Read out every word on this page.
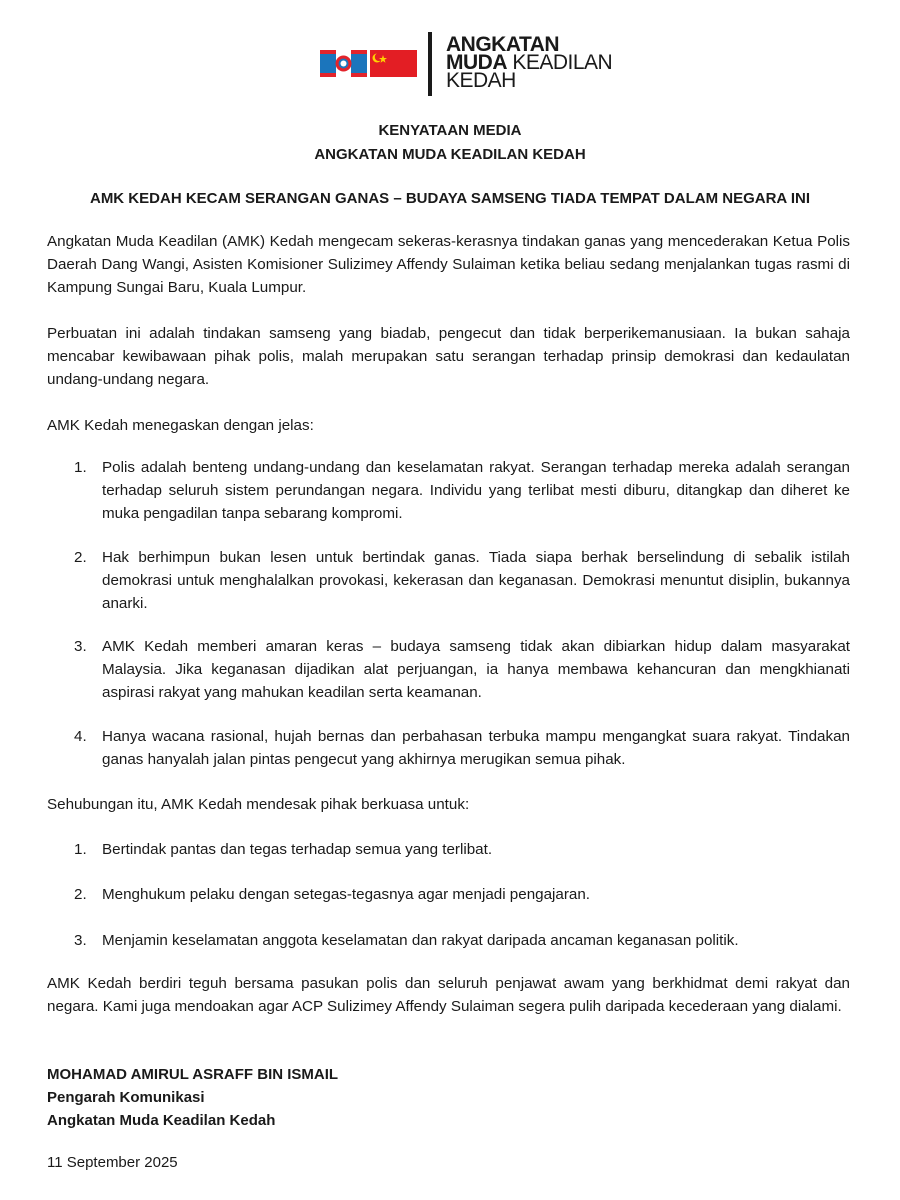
ANGKATAN
MUDA KEADILAN
KEDAH
KENYATAAN MEDIA
ANGKATAN MUDA KEADILAN KEDAH
AMK KEDAH KECAM SERANGAN GANAS – BUDAYA SAMSENG TIADA TEMPAT DALAM NEGARA INI

Angkatan Muda Keadilan (AMK) Kedah mengecam sekeras-kerasnya tindakan ganas yang mencederakan Ketua Polis Daerah Dang Wangi, Asisten Komisioner Sulizimey Affendy Sulaiman ketika beliau sedang menjalankan tugas rasmi di Kampung Sungai Baru, Kuala Lumpur.

Perbuatan ini adalah tindakan samseng yang biadab, pengecut dan tidak berperikemanusiaan. Ia bukan sahaja mencabar kewibawaan pihak polis, malah merupakan satu serangan terhadap prinsip demokrasi dan kedaulatan undang-undang negara.

AMK Kedah menegaskan dengan jelas:

1.	Polis adalah benteng undang-undang dan keselamatan rakyat. Serangan terhadap mereka adalah serangan terhadap seluruh sistem perundangan negara. Individu yang terlibat mesti diburu, ditangkap dan diheret ke muka pengadilan tanpa sebarang kompromi.
2.	Hak berhimpun bukan lesen untuk bertindak ganas. Tiada siapa berhak berselindung di sebalik istilah demokrasi untuk menghalalkan provokasi, kekerasan dan keganasan. Demokrasi menuntut disiplin, bukannya anarki.
3.	AMK Kedah memberi amaran keras – budaya samseng tidak akan dibiarkan hidup dalam masyarakat Malaysia. Jika keganasan dijadikan alat perjuangan, ia hanya membawa kehancuran dan mengkhianati aspirasi rakyat yang mahukan keadilan serta keamanan.
4.	Hanya wacana rasional, hujah bernas dan perbahasan terbuka mampu mengangkat suara rakyat. Tindakan ganas hanyalah jalan pintas pengecut yang akhirnya merugikan semua pihak.

Sehubungan itu, AMK Kedah mendesak pihak berkuasa untuk:

1.	Bertindak pantas dan tegas terhadap semua yang terlibat.
2.	Menghukum pelaku dengan setegas-tegasnya agar menjadi pengajaran.
3.	Menjamin keselamatan anggota keselamatan dan rakyat daripada ancaman keganasan politik.

AMK Kedah berdiri teguh bersama pasukan polis dan seluruh penjawat awam yang berkhidmat demi rakyat dan negara. Kami juga mendoakan agar ACP Sulizimey Affendy Sulaiman segera pulih daripada kecederaan yang dialami.

MOHAMAD AMIRUL ASRAFF BIN ISMAIL
Pengarah Komunikasi
Angkatan Muda Keadilan Kedah
11 September 2025
